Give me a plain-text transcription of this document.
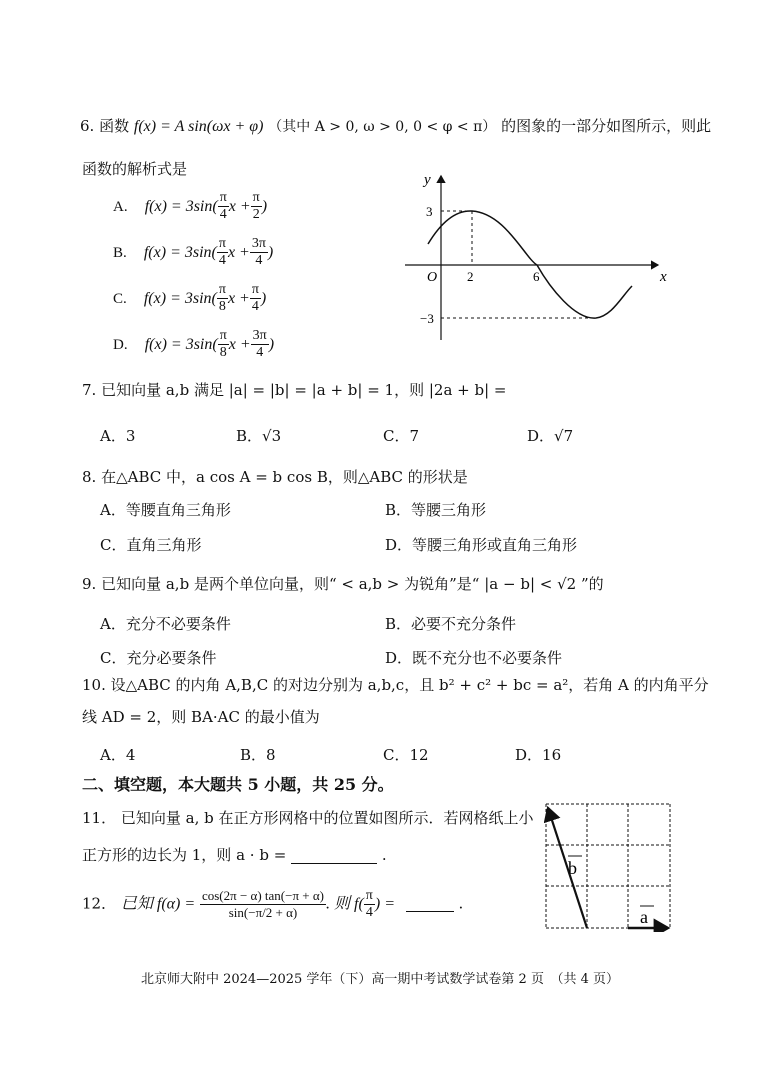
6. 函数 f(x) = A sin(ωx + φ) （其中 A > 0, ω > 0, 0 < φ < π） 的图象的一部分如图所示，则此
函数的解析式是
A. $f(x) = 3\sin( \frac{\pi}{4}$ $x + \frac{\pi}{2}$ )
B. $f(x) = 3\sin( \frac{\pi}{4}$ $x + \frac{3\pi}{4}$ )
C. $f(x) = 3\sin( \frac{\pi}{8}$ $x + \frac{\pi}{4}$ )
D. $f(x) = 3\sin( \frac{\pi}{8}$ $x + \frac{3\pi}{4}$ )
y
x
O 2	6
3
−3
7. 已知向量 a,b 满足 |a| = |b| = |a + b| = 1，则 |2a + b| =
A．3	B．√3	C．7	D．√7
8. 在△ABC 中，a cos A = b cos B，则△ABC 的形状是
A．等腰直角三角形	B．等腰三角形
C．直角三角形	D．等腰三角形或直角三角形
9. 已知向量 a,b 是两个单位向量，则“ < a,b > 为锐角”是“ |a − b| < √2 ”的
A．充分不必要条件	B．必要不充分条件
C．充分必要条件	D．既不充分也不必要条件
10. 设△ABC 的内角 A,B,C 的对边分别为 a,b,c，且 b² + c² + bc = a²，若角 A 的内角平分
线 AD = 2，则 BA·AC 的最小值为
A．4	B．8	C．12	D．16
二、填空题，本大题共 5 小题，共 25 分。
11． 已知向量 a, b 在正方形网格中的位置如图所示．若网格纸上小
正方形的边长为 1，则 a · b =	.
b
a
12． 已知 $f(\alpha) = \frac{\cos(2\pi - \alpha) \tan(-\pi + \alpha)}{\sin(-\pi/2 + \alpha)}$ . 则 $f( \frac{\pi}{4}$ ) =	.
北京师大附中 2024—2025 学年（下）高一期中考试数学试卷第 2 页　（共 4 页）
